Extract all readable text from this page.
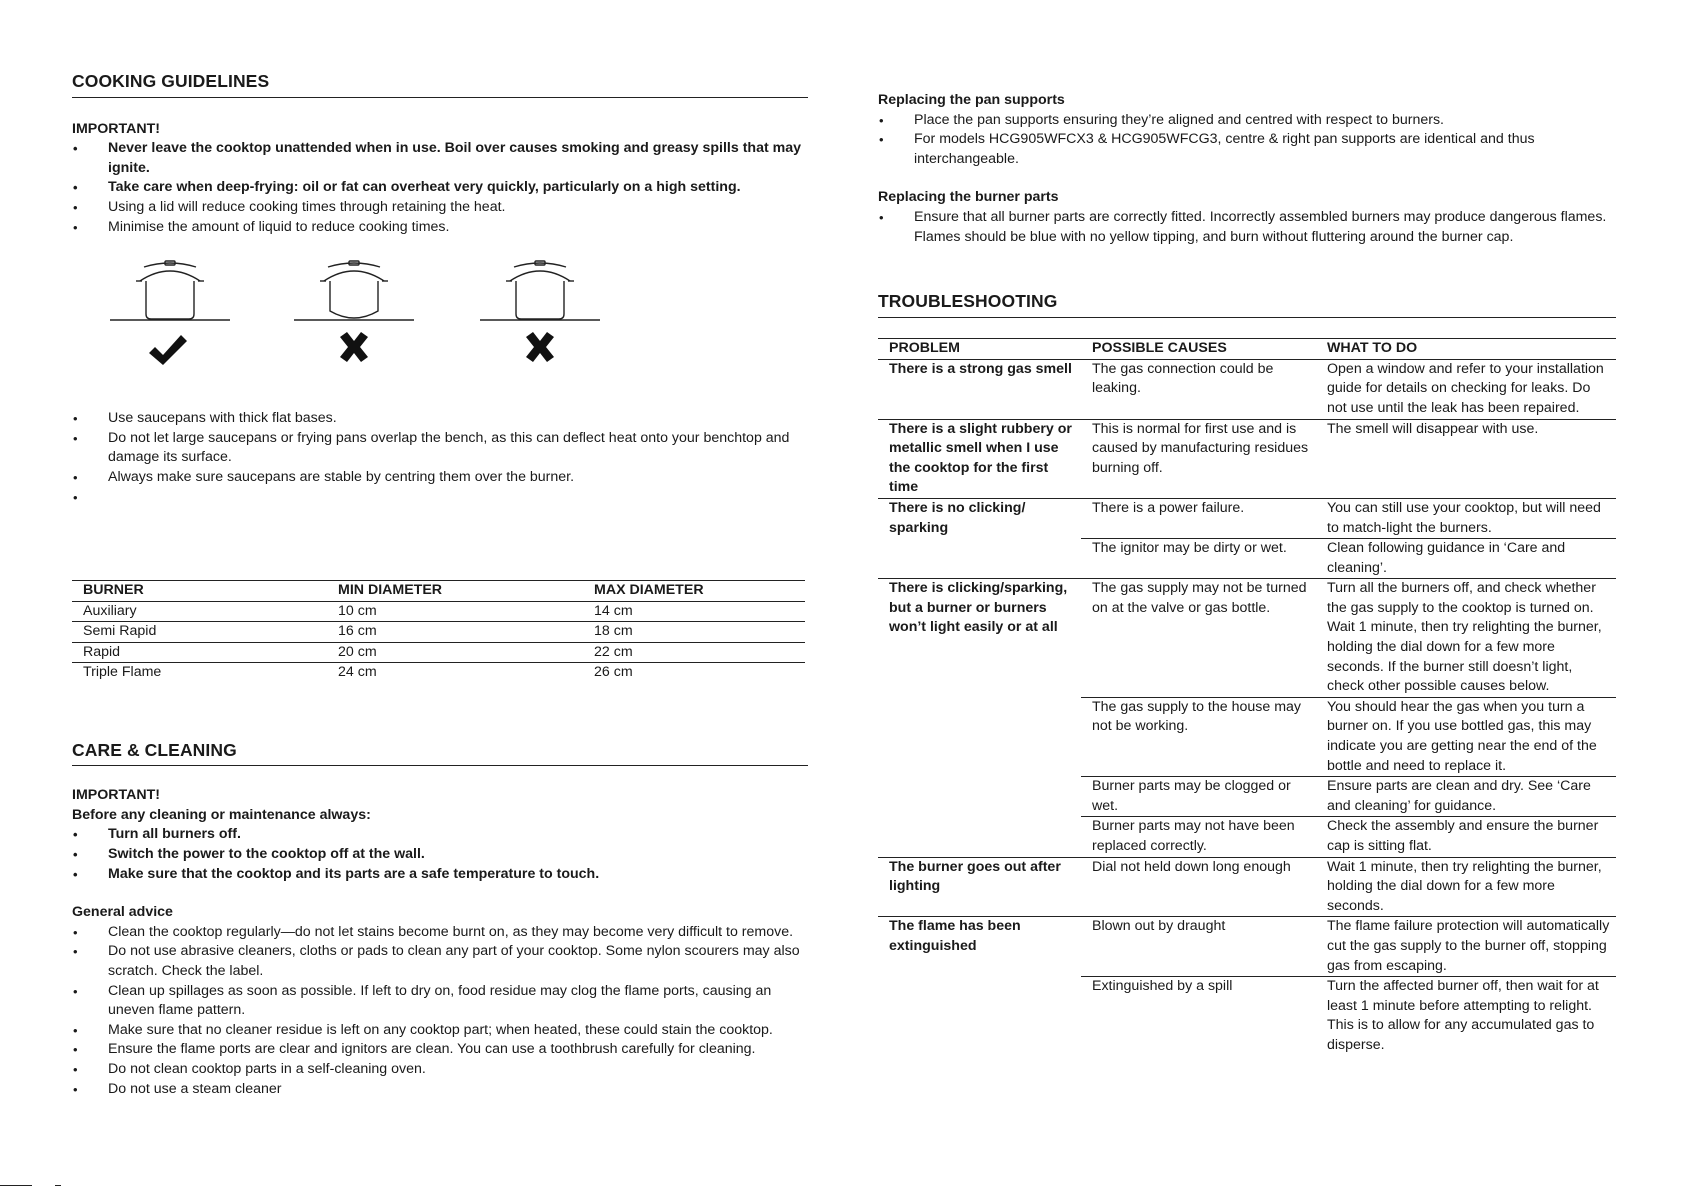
COOKING GUIDELINES

IMPORTANT!

• Never leave the cooktop unattended when in use. Boil over causes smoking and greasy spills that may ignite.
• Take care when deep-frying: oil or fat can overheat very quickly, particularly on a high setting.
• Using a lid will reduce cooking times through retaining the heat.
• Minimise the amount of liquid to reduce cooking times.
• Use saucepans with thick flat bases.
• Do not let large saucepans or frying pans overlap the bench, as this can deflect heat onto your benchtop and damage its surface.
• Always make sure saucepans are stable by centring them over the burner.
•
BURNER	MIN DIAMETER	MAX DIAMETER
Auxiliary	10 cm	14 cm
Semi Rapid	16 cm	18 cm
Rapid	20 cm	22 cm
Triple Flame	24 cm	26 cm
CARE & CLEANING

IMPORTANT!

Before any cleaning or maintenance always:

• Turn all burners off.
• Switch the power to the cooktop off at the wall.
• Make sure that the cooktop and its parts are a safe temperature to touch.

General advice

• Clean the cooktop regularly—do not let stains become burnt on, as they may become very difficult to remove.
• Do not use abrasive cleaners, cloths or pads to clean any part of your cooktop. Some nylon scourers may also scratch. Check the label.
• Clean up spillages as soon as possible. If left to dry on, food residue may clog the flame ports, causing an uneven flame pattern.
• Make sure that no cleaner residue is left on any cooktop part; when heated, these could stain the cooktop.
• Ensure the flame ports are clear and ignitors are clean. You can use a toothbrush carefully for cleaning.
• Do not clean cooktop parts in a self-cleaning oven.
• Do not use a steam cleaner

Replacing the pan supports

• Place the pan supports ensuring they’re aligned and centred with respect to burners.
• For models HCG905WFCX3 & HCG905WFCG3, centre & right pan supports are identical and thus interchangeable.

Replacing the burner parts

• Ensure that all burner parts are correctly fitted. Incorrectly assembled burners may produce dangerous flames. Flames should be blue with no yellow tipping, and burn without fluttering around the burner cap.
TROUBLESHOOTING
PROBLEM	POSSIBLE CAUSES	WHAT TO DO
There is a strong gas smell	The gas connection could be leaking.	Open a window and refer to your installation guide for details on checking for leaks. Do not use until the leak has been repaired.
There is a slight rubbery or metallic smell when I use the cooktop for the first time	This is normal for first use and is caused by manufacturing residues burning off.	The smell will disappear with use.
There is no clicking/ sparking	There is a power failure.	You can still use your cooktop, but will need to match-light the burners.
	The ignitor may be dirty or wet.	Clean following guidance in ‘Care and cleaning’.
There is clicking/sparking, but a burner or burners won’t light easily or at all	The gas supply may not be turned on at the valve or gas bottle.	Turn all the burners off, and check whether the gas supply to the cooktop is turned on. Wait 1 minute, then try relighting the burner, holding the dial down for a few more seconds. If the burner still doesn’t light, check other possible causes below.
	The gas supply to the house may not be working.	You should hear the gas when you turn a burner on. If you use bottled gas, this may indicate you are getting near the end of the bottle and need to replace it.
	Burner parts may be clogged or wet.	Ensure parts are clean and dry. See ‘Care and cleaning’ for guidance.
	Burner parts may not have been replaced correctly.	Check the assembly and ensure the burner cap is sitting flat.
The burner goes out after lighting	Dial not held down long enough	Wait 1 minute, then try relighting the burner, holding the dial down for a few more seconds.
The flame has been extinguished	Blown out by draught	The flame failure protection will automatically cut the gas supply to the burner off, stopping gas from escaping.
	Extinguished by a spill	Turn the affected burner off, then wait for at least 1 minute before attempting to relight. This is to allow for any accumulated gas to disperse.
